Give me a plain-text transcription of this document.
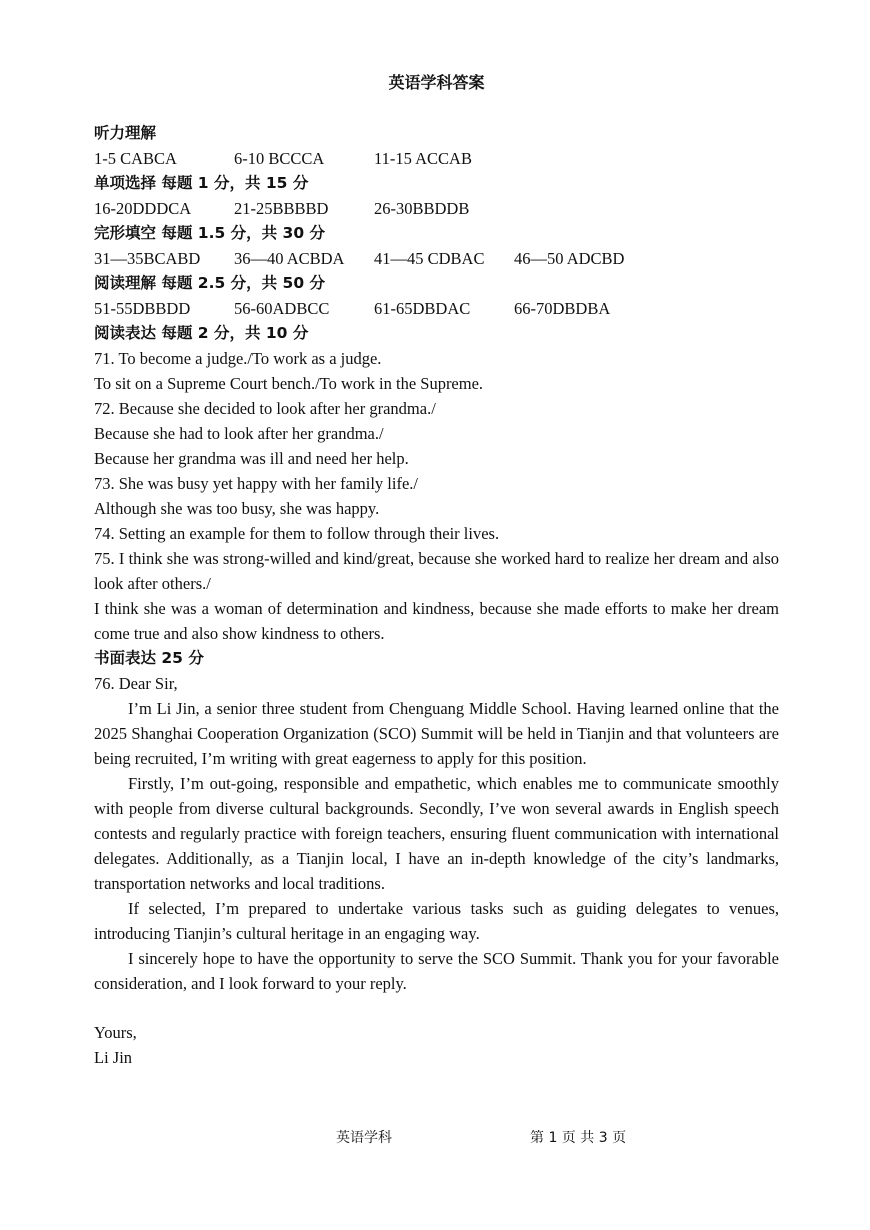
英语学科答案
听力理解
1-5 CABCA	6-10 BCCCA	11-15 ACCAB
单项选择 每题 1 分，共 15 分
16-20DDDCA	21-25BBBBD	26-30BBDDB
完形填空 每题 1.5 分，共 30 分
31—35BCABD 36—40 ACBDA 41—45 CDBAC 46—50 ADCBD
阅读理解 每题 2.5 分，共 50 分
51-55DBBDD	56-60ADBCC	61-65DBDAC	66-70DBDBA
阅读表达 每题 2 分，共 10 分
71. To become a judge./To work as a judge.
To sit on a Supreme Court bench./To work in the Supreme.
72. Because she decided to look after her grandma./
Because she had to look after her grandma./
Because her grandma was ill and need her help.
73. She was busy yet happy with her family life./
Although she was too busy, she was happy.
74. Setting an example for them to follow through their lives.

75. I think she was strong-willed and kind/great, because she worked hard to realize her dream and also look after others./

I think she was a woman of determination and kindness, because she made efforts to make her dream come true and also show kindness to others.

书面表达 25 分
76. Dear Sir,

I’m Li Jin, a senior three student from Chenguang Middle School. Having learned online that the 2025 Shanghai Cooperation Organization (SCO) Summit will be held in Tianjin and that volunteers are being recruited, I’m writing with great eagerness to apply for this position.

Firstly, I’m out-going, responsible and empathetic, which enables me to communicate smoothly with people from diverse cultural backgrounds. Secondly, I’ve won several awards in English speech contests and regularly practice with foreign teachers, ensuring fluent communication with international delegates. Additionally, as a Tianjin local, I have an in-depth knowledge of the city’s landmarks, transportation networks and local traditions.

If selected, I’m prepared to undertake various tasks such as guiding delegates to venues, introducing Tianjin’s cultural heritage in an engaging way.

I sincerely hope to have the opportunity to serve the SCO Summit. Thank you for your favorable consideration, and I look forward to your reply.

Yours,
Li Jin
英语学科	第 1 页 共 3 页
